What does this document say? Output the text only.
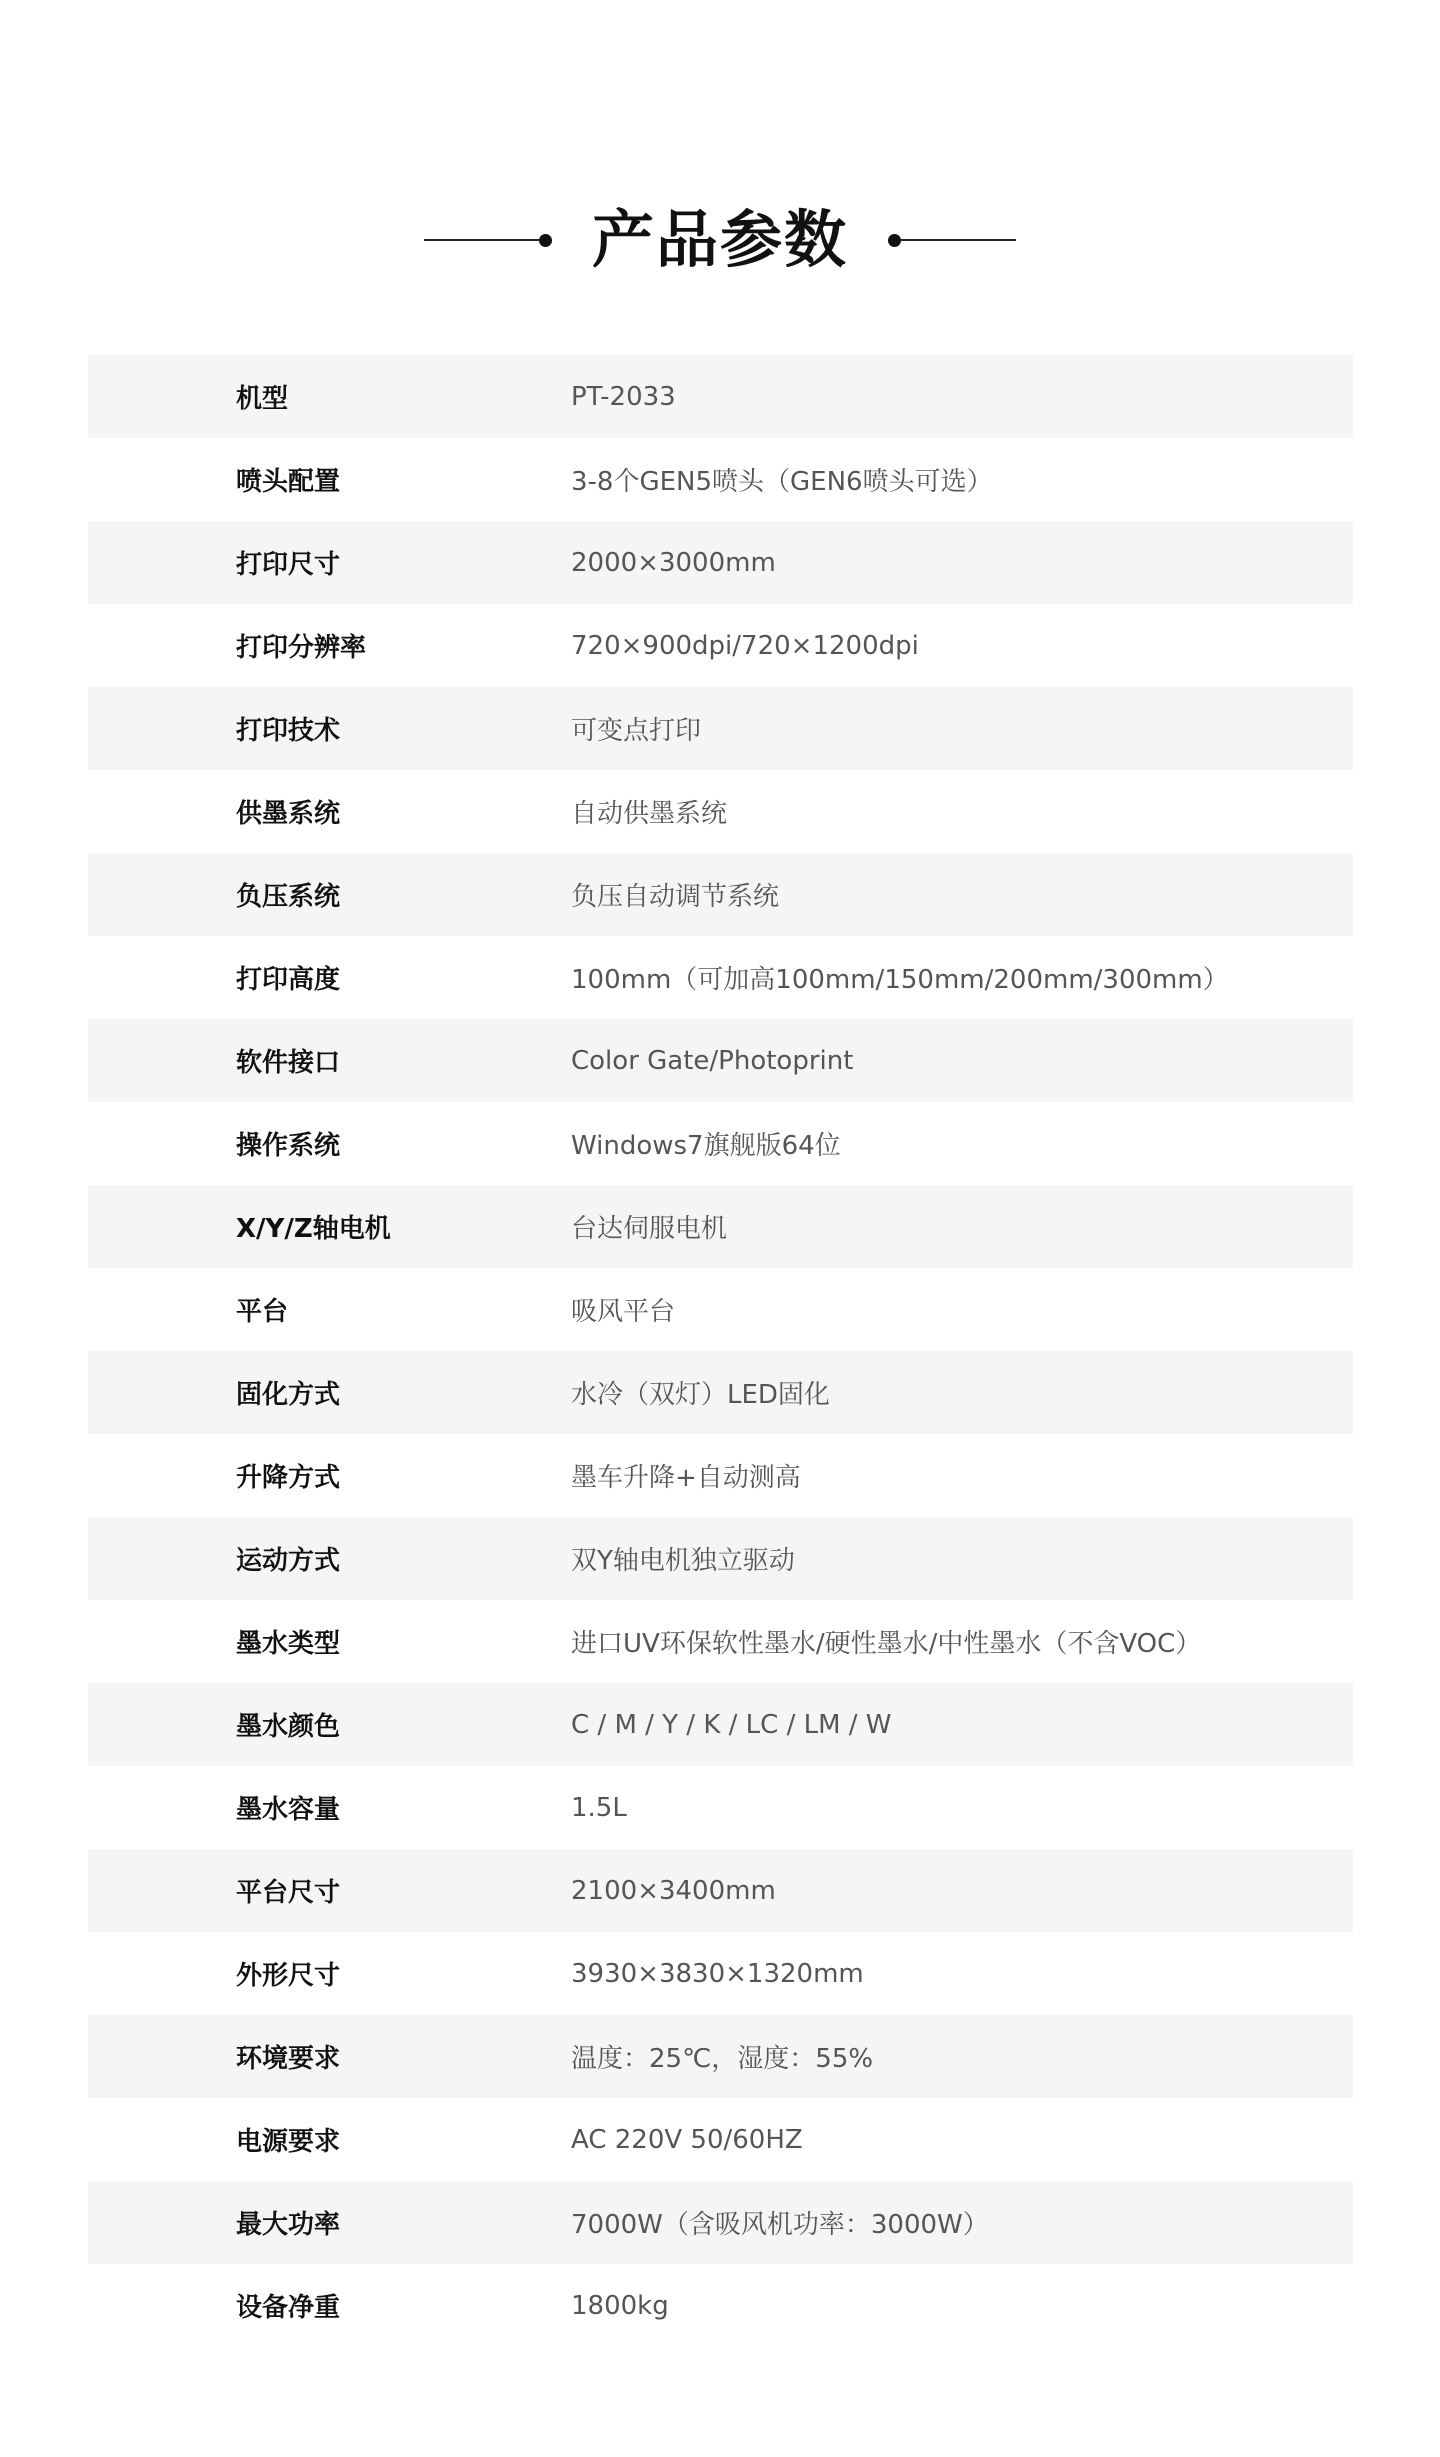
产品参数
机型	PT-2033
喷头配置	3-8个GEN5喷头（GEN6喷头可选）
打印尺寸	2000×3000mm
打印分辨率	720×900dpi/720×1200dpi
打印技术	可变点打印
供墨系统	自动供墨系统
负压系统	负压自动调节系统
打印高度	100mm（可加高100mm/150mm/200mm/300mm）
软件接口	Color Gate/Photoprint
操作系统	Windows7旗舰版64位
X/Y/Z轴电机	台达伺服电机
平台	吸风平台
固化方式	水冷（双灯）LED固化
升降方式	墨车升降+自动测高
运动方式	双Y轴电机独立驱动
墨水类型	进口UV环保软性墨水/硬性墨水/中性墨水（不含VOC）
墨水颜色	C / M / Y / K / LC / LM / W
墨水容量	1.5L
平台尺寸	2100×3400mm
外形尺寸	3930×3830×1320mm
环境要求	温度：25℃，湿度：55%
电源要求	AC 220V 50/60HZ
最大功率	7000W（含吸风机功率：3000W）
设备净重	1800kg
